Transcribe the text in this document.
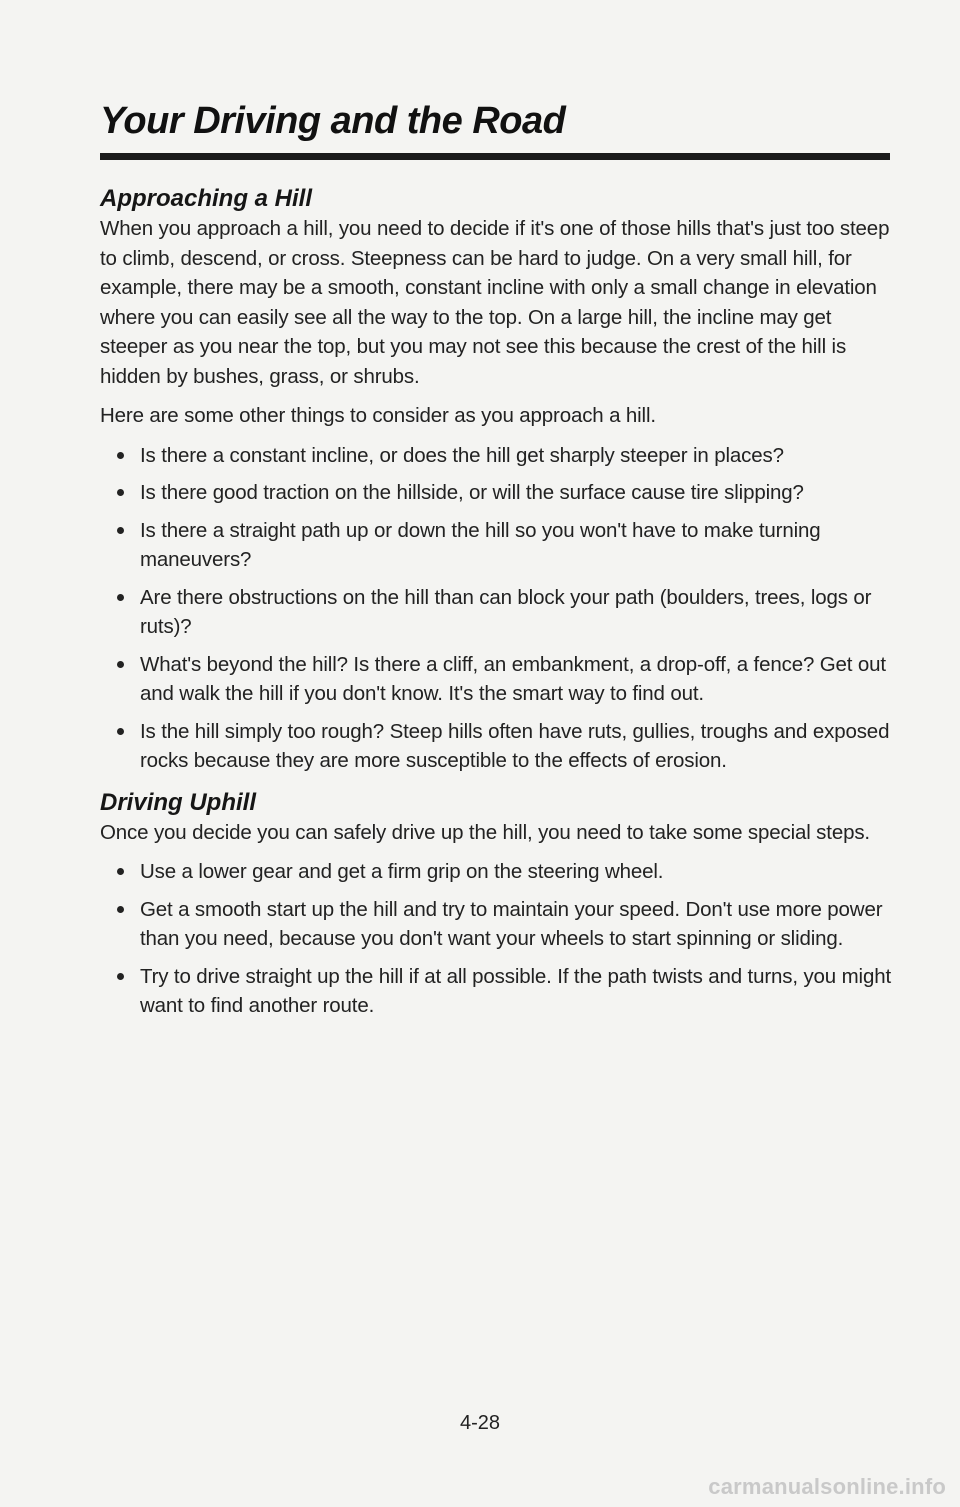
Your Driving and the Road
Approaching a Hill

When you approach a hill, you need to decide if it's one of those hills that's just too steep to climb, descend, or cross. Steepness can be hard to judge. On a very small hill, for example, there may be a smooth, constant incline with only a small change in elevation where you can easily see all the way to the top. On a large hill, the incline may get steeper as you near the top, but you may not see this because the crest of the hill is hidden by bushes, grass, or shrubs.

Here are some other things to consider as you approach a hill.

Is there a constant incline, or does the hill get sharply steeper in places?
Is there good traction on the hillside, or will the surface cause tire slipping?
Is there a straight path up or down the hill so you won't have to make turning maneuvers?
Are there obstructions on the hill than can block your path (boulders, trees, logs or ruts)?
What's beyond the hill? Is there a cliff, an embankment, a drop-off, a fence? Get out and walk the hill if you don't know. It's the smart way to find out.
Is the hill simply too rough? Steep hills often have ruts, gullies, troughs and exposed rocks because they are more susceptible to the effects of erosion.
Driving Uphill

Once you decide you can safely drive up the hill, you need to take some special steps.

Use a lower gear and get a firm grip on the steering wheel.
Get a smooth start up the hill and try to maintain your speed. Don't use more power than you need, because you don't want your wheels to start spinning or sliding.
Try to drive straight up the hill if at all possible. If the path twists and turns, you might want to find another route.
4-28
carmanualsonline.info
